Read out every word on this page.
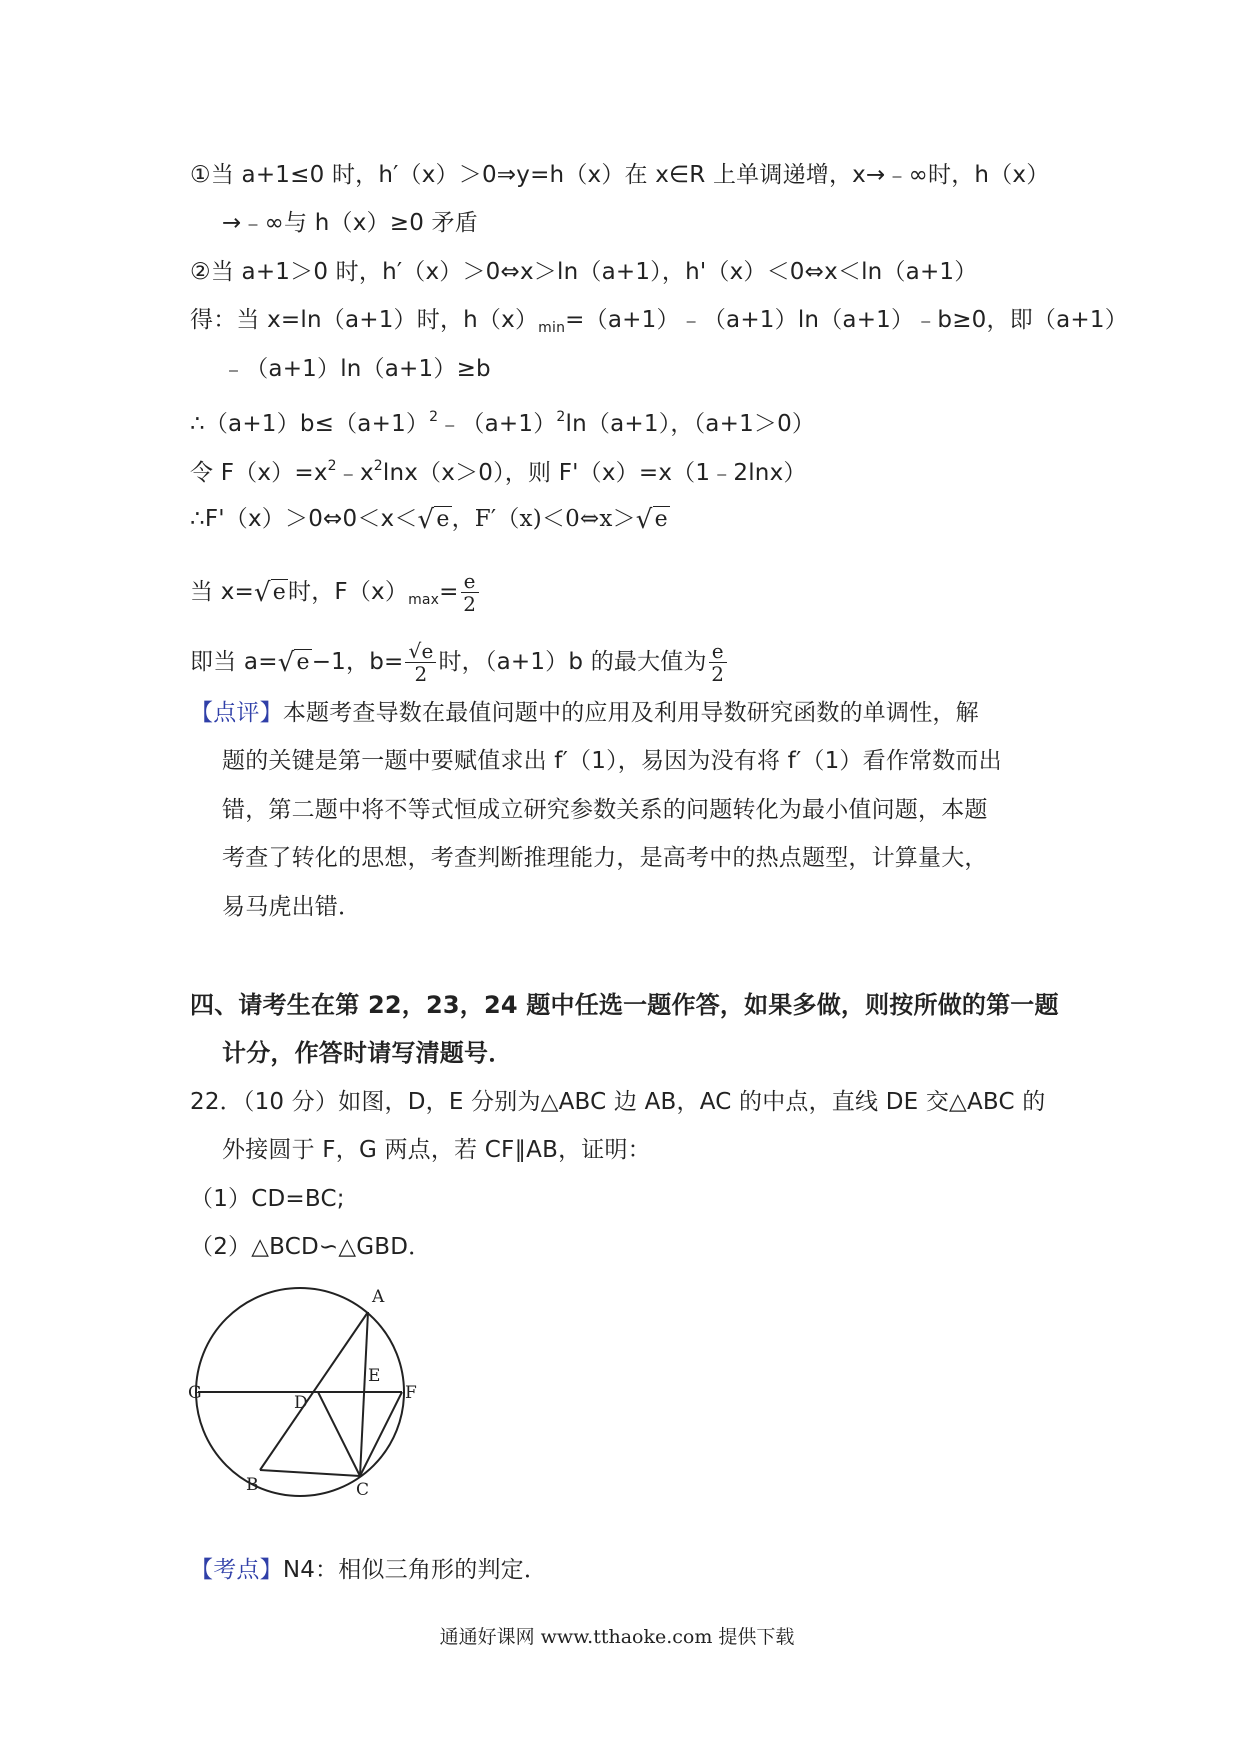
①当 a+1≤0 时，h′（x）＞0⇒y=h（x）在 x∈R 上单调递增，x→﹣∞时，h（x）
→﹣∞与 h（x）≥0 矛盾
②当 a+1＞0 时，h′（x）＞0⇔x＞ln（a+1），h'（x）＜0⇔x＜ln（a+1）
得：当 x=ln（a+1）时，$h(x)_{min}=(a+1)﹣(a+1)\ln(a+1)﹣b\ge 0$，即（a+1）
﹣（a+1）ln（a+1）≥b
$\therefore(a+1)b\le(a+1)^2﹣(a+1)^2\ln(a+1)$，（a+1＞0）
令 $F(x)=x^2﹣x^2\ln x(x>0)$，则 F'（x）=x（1﹣2lnx）
∴F'（x）＞0⇔0＜x＜√e，F′（x)＜0⇔x＞√e
当 x=√e时，$F(x)_{max}= \frac{e}{2}$
即当 a=√e−1，$b= \frac{√e}{2}$ 时，（a+1）b 的最大值为 $\frac{e}{2}$
【点评】本题考查导数在最值问题中的应用及利用导数研究函数的单调性，解
题的关键是第一题中要赋值求出 f′（1），易因为没有将 f′（1）看作常数而出
错，第二题中将不等式恒成立研究参数关系的问题转化为最小值问题，本题
考查了转化的思想，考查判断推理能力，是高考中的热点题型，计算量大，
易马虎出错．
四、请考生在第 22，23，24 题中任选一题作答，如果多做，则按所做的第一题
计分，作答时请写清题号．
22．（10 分）如图，D，E 分别为△ABC 边 AB，AC 的中点，直线 DE 交△ABC 的
外接圆于 F，G 两点，若 CF∥AB，证明：
（1）CD=BC;
（2）△BCD∽△GBD．
A
G	D
E
F
B	C
【考点】N4：相似三角形的判定．
通通好课网 www.tthaoke.com 提供下载
